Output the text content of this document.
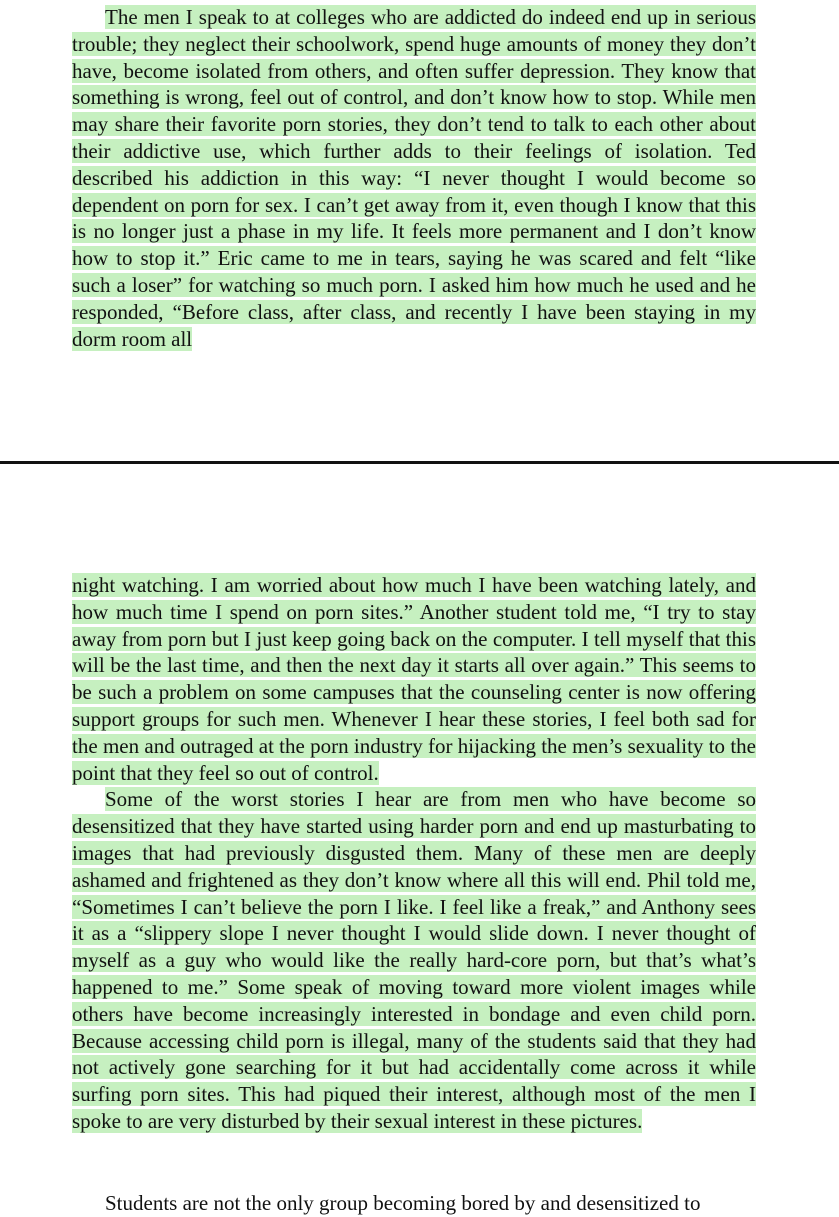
The men I speak to at colleges who are addicted do indeed end up in serious trouble; they neglect their schoolwork, spend huge amounts of money they don’t have, become isolated from others, and often suffer depression. They know that something is wrong, feel out of control, and don’t know how to stop. While men may share their favorite porn stories, they don’t tend to talk to each other about their addictive use, which further adds to their feelings of isolation. Ted described his addiction in this way: “I never thought I would become so dependent on porn for sex. I can’t get away from it, even though I know that this is no longer just a phase in my life. It feels more permanent and I don’t know how to stop it.” Eric came to me in tears, saying he was scared and felt “like such a loser” for watching so much porn. I asked him how much he used and he responded, “Before class, after class, and recently I have been staying in my dorm room all

night watching. I am worried about how much I have been watching lately, and how much time I spend on porn sites.” Another student told me, “I try to stay away from porn but I just keep going back on the computer. I tell myself that this will be the last time, and then the next day it starts all over again.” This seems to be such a problem on some campuses that the counseling center is now offering support groups for such men. Whenever I hear these stories, I feel both sad for the men and outraged at the porn industry for hijacking the men’s sexuality to the point that they feel so out of control.

Some of the worst stories I hear are from men who have become so desensitized that they have started using harder porn and end up masturbating to images that had previously disgusted them. Many of these men are deeply ashamed and frightened as they don’t know where all this will end. Phil told me, “Sometimes I can’t believe the porn I like. I feel like a freak,” and Anthony sees it as a “slippery slope I never thought I would slide down. I never thought of myself as a guy who would like the really hard-core porn, but that’s what’s happened to me.” Some speak of moving toward more violent images while others have become increasingly interested in bondage and even child porn. Because accessing child porn is illegal, many of the students said that they had not actively gone searching for it but had accidentally come across it while surfing porn sites. This had piqued their interest, although most of the men I spoke to are very disturbed by their sexual interest in these pictures.

Students are not the only group becoming bored by and desensitized to
